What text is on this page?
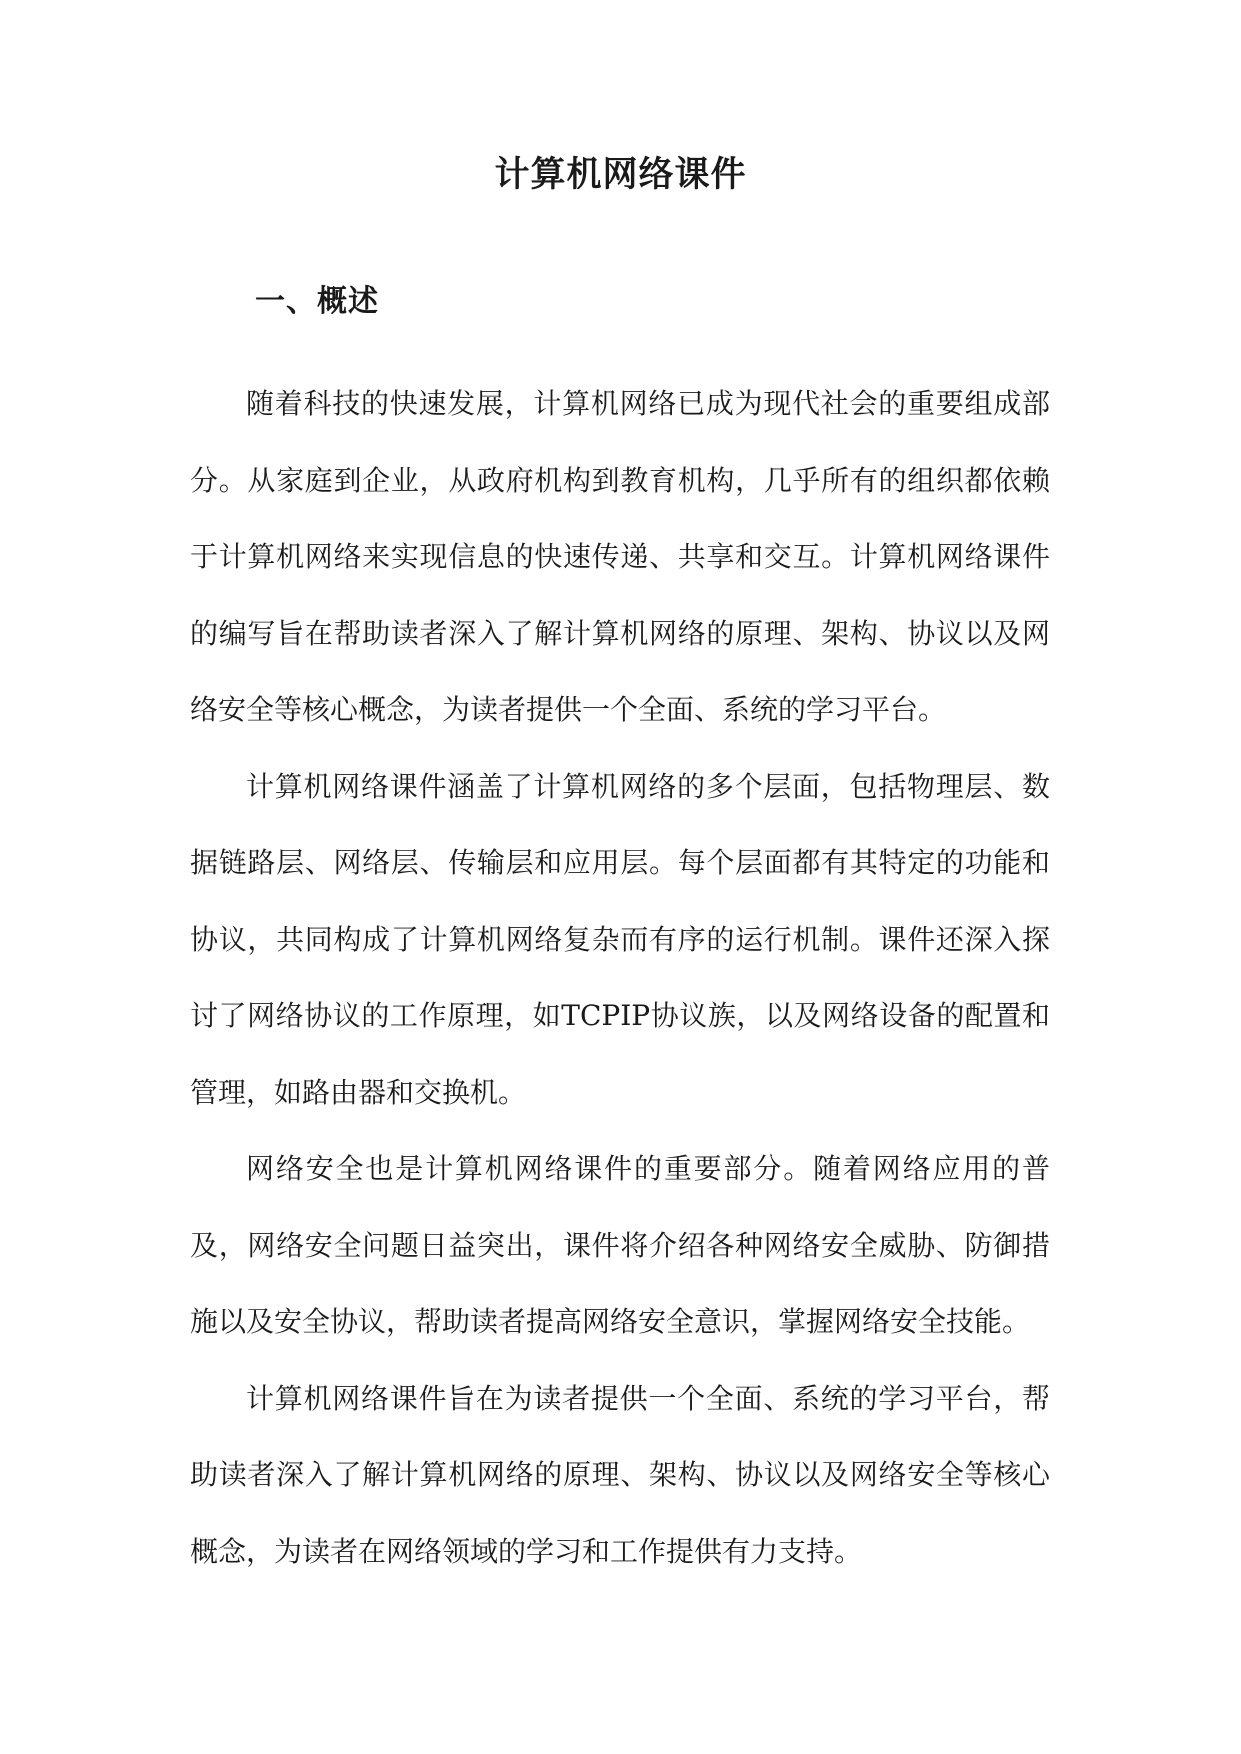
计算机网络课件
一、概述

随着科技的快速发展，计算机网络已成为现代社会的重要组成部分。从家庭到企业，从政府机构到教育机构，几乎所有的组织都依赖于计算机网络来实现信息的快速传递、共享和交互。计算机网络课件的编写旨在帮助读者深入了解计算机网络的原理、架构、协议以及网络安全等核心概念，为读者提供一个全面、系统的学习平台。

计算机网络课件涵盖了计算机网络的多个层面，包括物理层、数据链路层、网络层、传输层和应用层。每个层面都有其特定的功能和协议，共同构成了计算机网络复杂而有序的运行机制。课件还深入探讨了网络协议的工作原理，如TCPIP协议族，以及网络设备的配置和管理，如路由器和交换机。

网络安全也是计算机网络课件的重要部分。随着网络应用的普及，网络安全问题日益突出，课件将介绍各种网络安全威胁、防御措施以及安全协议，帮助读者提高网络安全意识，掌握网络安全技能。

计算机网络课件旨在为读者提供一个全面、系统的学习平台，帮助读者深入了解计算机网络的原理、架构、协议以及网络安全等核心概念，为读者在网络领域的学习和工作提供有力支持。
